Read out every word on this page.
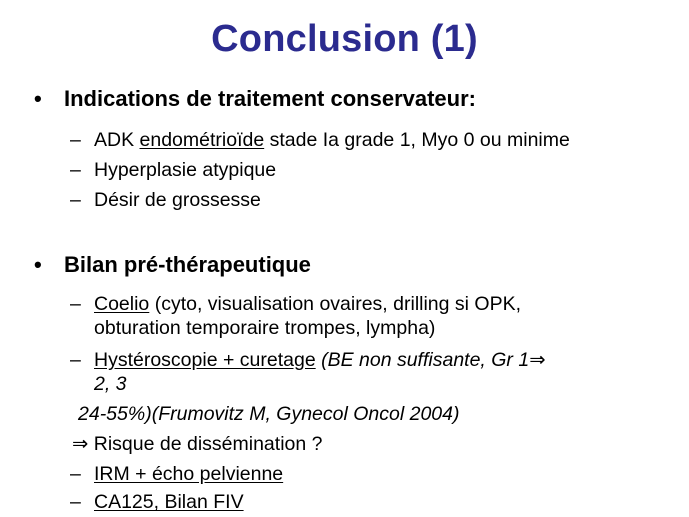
Conclusion (1)
• Indications de traitement conservateur:
– ADK endométrioïde stade Ia grade 1, Myo 0 ou minime
– Hyperplasie atypique
– Désir de grossesse
• Bilan pré-thérapeutique
– Coelio (cyto, visualisation ovaires, drilling si OPK,
obturation temporaire trompes, lympha)
– Hystéroscopie + curetage (BE non suffisante, Gr 1⇒
2, 3
24-55%)(Frumovitz M, Gynecol Oncol 2004)
⇒ Risque de dissémination ?
– IRM + écho pelvienne
– CA125, Bilan FIV
